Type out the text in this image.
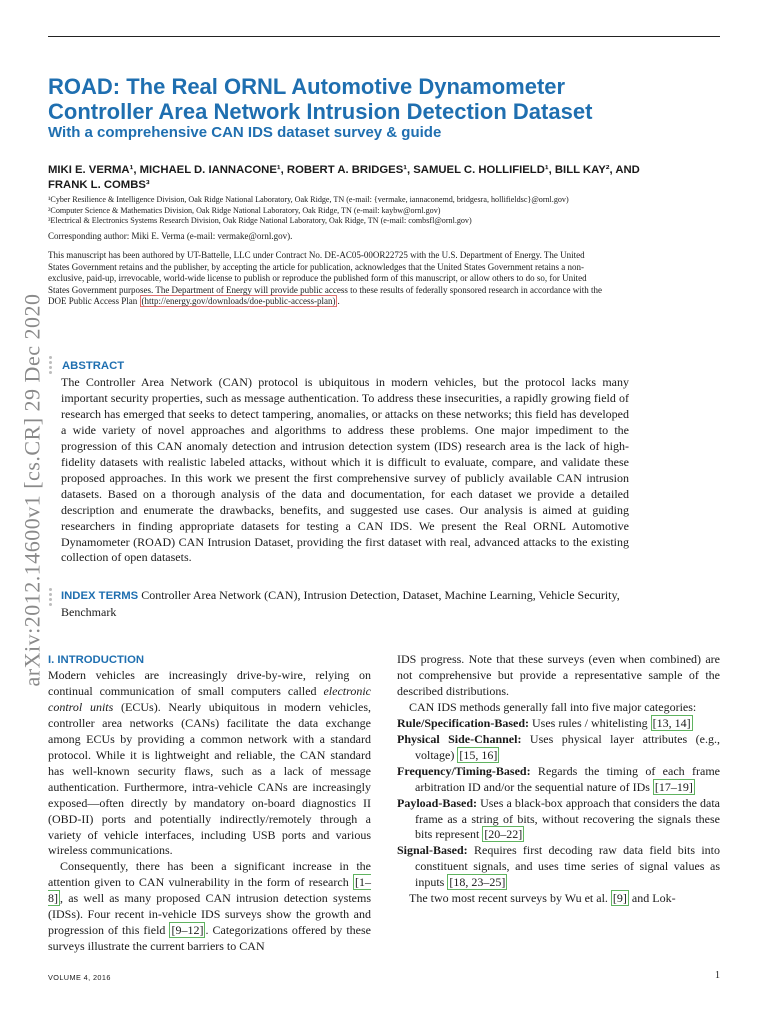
arXiv:2012.14600v1 [cs.CR] 29 Dec 2020
ROAD: The Real ORNL Automotive Dynamometer Controller Area Network Intrusion Detection Dataset
With a comprehensive CAN IDS dataset survey & guide
MIKI E. VERMA¹, MICHAEL D. IANNACONE¹, ROBERT A. BRIDGES¹, SAMUEL C. HOLLIFIELD¹, BILL KAY², AND FRANK L. COMBS³
¹Cyber Resilience & Intelligence Division, Oak Ridge National Laboratory, Oak Ridge, TN (e-mail: {vermake, iannaconemd, bridgesra, hollifieldsc}@ornl.gov)
²Computer Science & Mathematics Division, Oak Ridge National Laboratory, Oak Ridge, TN (e-mail: kaybw@ornl.gov)
³Electrical & Electronics Systems Research Division, Oak Ridge National Laboratory, Oak Ridge, TN (e-mail: combsfl@ornl.gov)
Corresponding author: Miki E. Verma (e-mail: vermake@ornl.gov).
This manuscript has been authored by UT-Battelle, LLC under Contract No. DE-AC05-00OR22725 with the U.S. Department of Energy. The United States Government retains and the publisher, by accepting the article for publication, acknowledges that the United States Government retains a non-exclusive, paid-up, irrevocable, world-wide license to publish or reproduce the published form of this manuscript, or allow others to do so, for United States Government purposes. The Department of Energy will provide public access to these results of federally sponsored research in accordance with the DOE Public Access Plan (http://energy.gov/downloads/doe-public-access-plan) .
ABSTRACT
The Controller Area Network (CAN) protocol is ubiquitous in modern vehicles, but the protocol lacks many important security properties, such as message authentication. To address these insecurities, a rapidly growing field of research has emerged that seeks to detect tampering, anomalies, or attacks on these networks; this field has developed a wide variety of novel approaches and algorithms to address these problems. One major impediment to the progression of this CAN anomaly detection and intrusion detection system (IDS) research area is the lack of high-fidelity datasets with realistic labeled attacks, without which it is difficult to evaluate, compare, and validate these proposed approaches. In this work we present the first comprehensive survey of publicly available CAN intrusion datasets. Based on a thorough analysis of the data and documentation, for each dataset we provide a detailed description and enumerate the drawbacks, benefits, and suggested use cases. Our analysis is aimed at guiding researchers in finding appropriate datasets for testing a CAN IDS. We present the Real ORNL Automotive Dynamometer (ROAD) CAN Intrusion Dataset, providing the first dataset with real, advanced attacks to the existing collection of open datasets.
INDEX TERMS Controller Area Network (CAN), Intrusion Detection, Dataset, Machine Learning, Vehicle Security, Benchmark
I. INTRODUCTION

Modern vehicles are increasingly drive-by-wire, relying on continual communication of small computers called electronic control units (ECUs). Nearly ubiquitous in modern vehicles, controller area networks (CANs) facilitate the data exchange among ECUs by providing a common network with a standard protocol. While it is lightweight and reliable, the CAN standard has well-known security flaws, such as a lack of message authentication. Furthermore, intra-vehicle CANs are increasingly exposed—often directly by mandatory on-board diagnostics II (OBD-II) ports and potentially indirectly/remotely through a variety of vehicle interfaces, including USB ports and various wireless communications.

Consequently, there has been a significant increase in the attention given to CAN vulnerability in the form of research [1–8] , as well as many proposed CAN intrusion detection systems (IDSs). Four recent in-vehicle IDS surveys show the growth and progression of this field [9–12] . Categorizations offered by these surveys illustrate the current barriers to CAN

IDS progress. Note that these surveys (even when combined) are not comprehensive but provide a representative sample of the described distributions.

CAN IDS methods generally fall into five major categories:

Rule/Specification-Based: Uses rules / whitelisting [13, 14]

Physical Side-Channel: Uses physical layer attributes (e.g., voltage) [15, 16]

Frequency/Timing-Based: Regards the timing of each frame arbitration ID and/or the sequential nature of IDs [17–19]

Payload-Based: Uses a black-box approach that considers the data frame as a string of bits, without recovering the signals these bits represent [20–22]

Signal-Based: Requires first decoding raw data field bits into constituent signals, and uses time series of signal values as inputs [18, 23–25]

The two most recent surveys by Wu et al. [9] and Lok-

VOLUME 4, 2016	1
